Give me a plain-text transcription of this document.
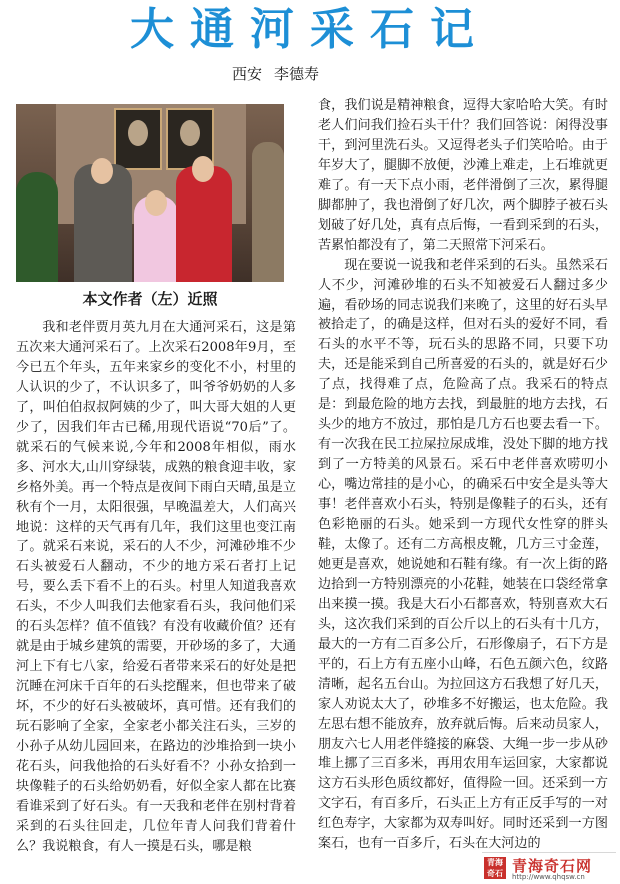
大通河采石记
西安 李德寿
本文作者（左）近照

我和老伴贾月英九月在大通河采石，这是第五次来大通河采石了。上次采石2008年9月，至今已五个年头，五年来家乡的变化不小，村里的人认识的少了，不认识多了，叫爷爷奶奶的人多了，叫伯伯叔叔阿姨的少了，叫大哥大姐的人更少了，因我们年古已稀,用现代语说“70后”了。就采石的气候来说,今年和2008年相似，雨水多、河水大,山川穿绿装，成熟的粮食迎丰收，家乡格外美。再一个特点是夜间下雨白天晴,虽是立秋有个一月，太阳很强，早晚温差大，人们高兴地说：这样的天气再有几年，我们这里也变江南了。就采石来说，采石的人不少，河滩砂堆不少石头被爱石人翻动，不少的地方采石者打上记号，要么丢下看不上的石头。村里人知道我喜欢石头，不少人叫我们去他家看石头，我问他们采的石头怎样？值不值钱？有没有收藏价值？还有就是由于城乡建筑的需要，开砂场的多了，大通河上下有七八家，给爱石者带来采石的好处是把沉睡在河床千百年的石头挖醒来，但也带来了破坏，不少的好石头被破坏，真可惜。还有我们的玩石影响了全家，全家老小都关注石头，三岁的小孙子从幼儿园回来，在路边的沙堆拾到一块小花石头，问我他拾的石头好看不？小孙女拾到一块像鞋子的石头给奶奶看，好似全家人都在比赛看谁采到了好石头。有一天我和老伴在别村背着采到的石头往回走，几位年青人问我们背着什么？我说粮食，有人一摸是石头，哪是粮

食，我们说是精神粮食，逗得大家哈哈大笑。有时老人们问我们捡石头干什？我们回答说：闲得没事干，到河里洗石头。又逗得老头子们笑哈哈。由于年岁大了，腿脚不放便，沙滩上难走，上石堆就更难了。有一天下点小雨，老伴滑倒了三次，累得腿脚都肿了，我也滑倒了好几次，两个脚脖子被石头划破了好几处，真有点后悔，一看到采到的石头，苦累怕都没有了，第二天照常下河采石。

现在要说一说我和老伴采到的石头。虽然采石人不少，河滩砂堆的石头不知被爱石人翻过多少遍，看砂场的同志说我们来晚了，这里的好石头早被拾走了，的确是这样，但对石头的爱好不同，看石头的水平不等，玩石头的思路不同，只要下功夫，还是能采到自己所喜爱的石头的，就是好石少了点，找得难了点，危险高了点。我采石的特点是：到最危险的地方去找，到最脏的地方去找，石头少的地方不放过，那怕是几方石也要去看一下。有一次我在民工拉屎拉尿成堆，没处下脚的地方找到了一方特美的风景石。采石中老伴喜欢唠叨小心，嘴边常挂的是小心，的确采石中安全是头等大事！老伴喜欢小石头，特别是像鞋子的石头，还有色彩艳丽的石头。她采到一方现代女性穿的胖头鞋，太像了。还有二方高根皮靴，几方三寸金莲，她更是喜欢，她说她和石鞋有缘。有一次上街的路边拾到一方特别漂亮的小花鞋，她装在口袋经常拿出来摸一摸。我是大石小石都喜欢，特别喜欢大石头，这次我们采到的百公斤以上的石头有十几方，最大的一方有二百多公斤，石形像扇子，石下方是平的，石上方有五座小山峰，石色五颜六色，纹路清晰，起名五台山。为拉回这方石我想了好几天，家人劝说太大了，砂堆多不好搬运，也太危险。我左思右想不能放弃，放弃就后悔。后来动员家人，朋友六七人用老伴缝接的麻袋、大绳一步一步从砂堆上挪了三百多米，再用农用车运回家，大家都说这方石头形色质纹都好，值得险一回。还采到一方文字石，有百多斤，石头正上方有正反手写的一对红色寿字，大家都为双寿叫好。同时还采到一方图案石，也有一百多斤，石头在大河边的

青海
奇石 青海奇石网
http://www.qhqsw.cn
